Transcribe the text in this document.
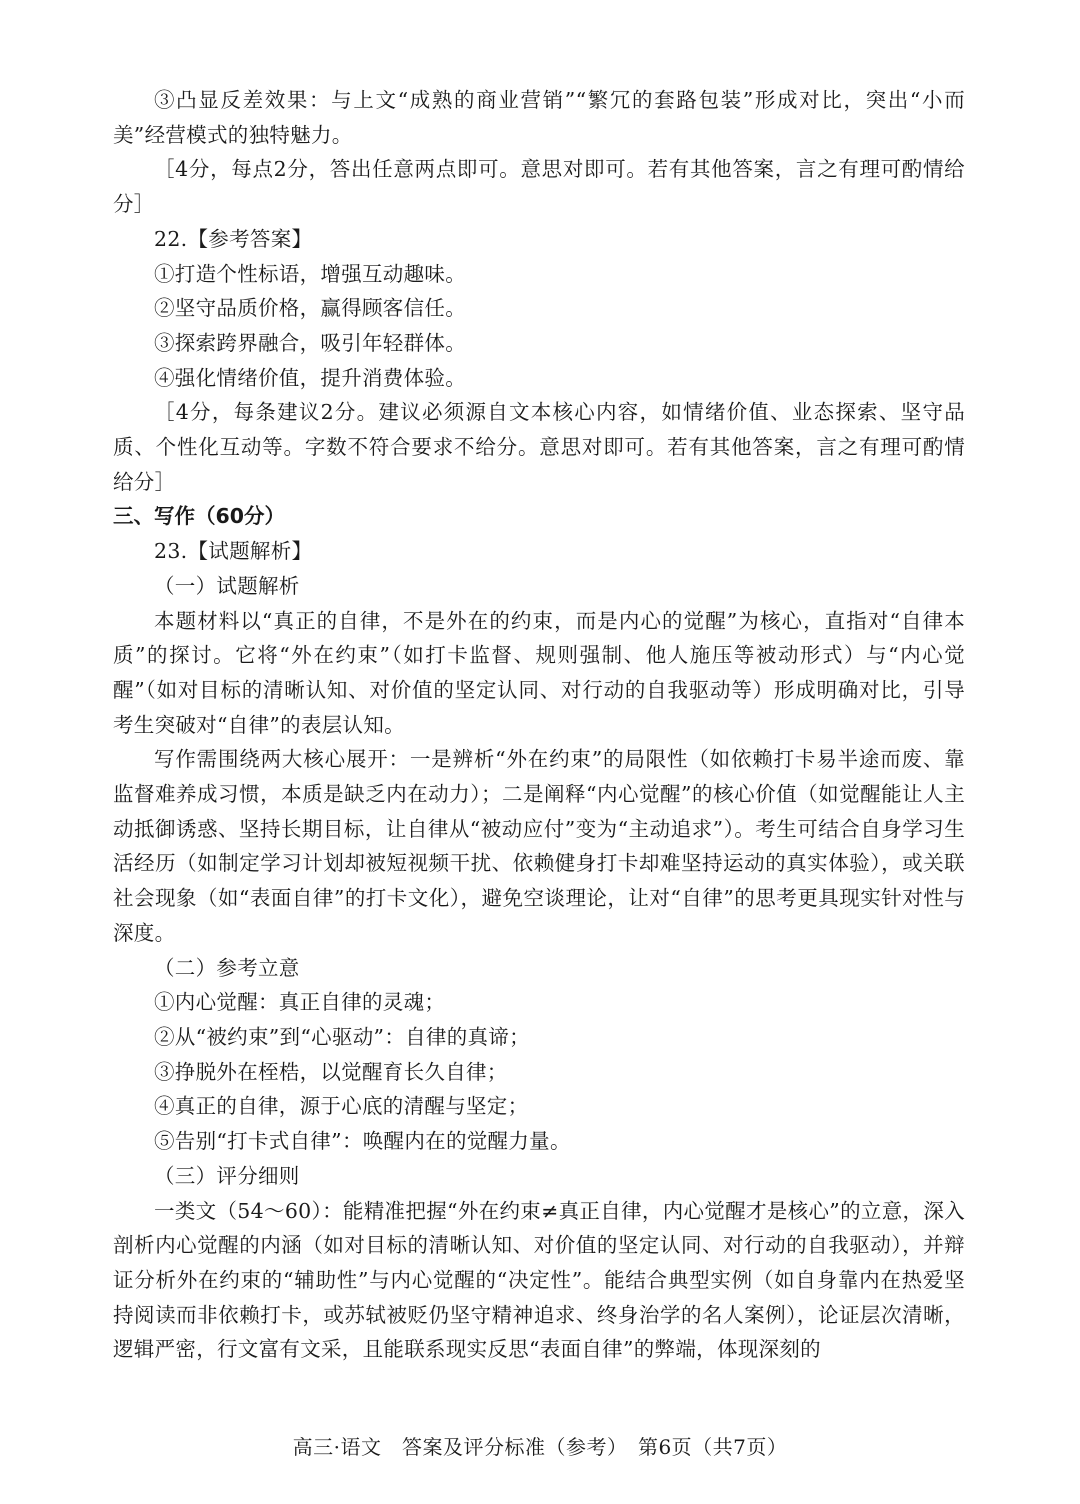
③凸显反差效果：与上文“成熟的商业营销”“繁冗的套路包装”形成对比，突出“小而美”经营模式的独特魅力。

［4分，每点2分，答出任意两点即可。意思对即可。若有其他答案，言之有理可酌情给分］

22.【参考答案】

①打造个性标语，增强互动趣味。

②坚守品质价格，赢得顾客信任。

③探索跨界融合，吸引年轻群体。

④强化情绪价值，提升消费体验。

［4分，每条建议2分。建议必须源自文本核心内容，如情绪价值、业态探索、坚守品质、个性化互动等。字数不符合要求不给分。意思对即可。若有其他答案，言之有理可酌情给分］

三、写作（60分）

23.【试题解析】

（一）试题解析

本题材料以“真正的自律，不是外在的约束，而是内心的觉醒”为核心，直指对“自律本质”的探讨。它将“外在约束”（如打卡监督、规则强制、他人施压等被动形式）与“内心觉醒”（如对目标的清晰认知、对价值的坚定认同、对行动的自我驱动等）形成明确对比，引导考生突破对“自律”的表层认知。

写作需围绕两大核心展开：一是辨析“外在约束”的局限性（如依赖打卡易半途而废、靠监督难养成习惯，本质是缺乏内在动力）；二是阐释“内心觉醒”的核心价值（如觉醒能让人主动抵御诱惑、坚持长期目标，让自律从“被动应付”变为“主动追求”）。考生可结合自身学习生活经历（如制定学习计划却被短视频干扰、依赖健身打卡却难坚持运动的真实体验），或关联社会现象（如“表面自律”的打卡文化），避免空谈理论，让对“自律”的思考更具现实针对性与深度。

（二）参考立意

①内心觉醒：真正自律的灵魂；

②从“被约束”到“心驱动”：自律的真谛；

③挣脱外在桎梏，以觉醒育长久自律；

④真正的自律，源于心底的清醒与坚定；

⑤告别“打卡式自律”：唤醒内在的觉醒力量。

（三）评分细则

一类文（54～60）：能精准把握“外在约束≠真正自律，内心觉醒才是核心”的立意，深入剖析内心觉醒的内涵（如对目标的清晰认知、对价值的坚定认同、对行动的自我驱动），并辩证分析外在约束的“辅助性”与内心觉醒的“决定性”。能结合典型实例（如自身靠内在热爱坚持阅读而非依赖打卡，或苏轼被贬仍坚守精神追求、终身治学的名人案例），论证层次清晰，逻辑严密，行文富有文采，且能联系现实反思“表面自律”的弊端，体现深刻的

高三·语文　答案及评分标准（参考）　第6页（共7页）
